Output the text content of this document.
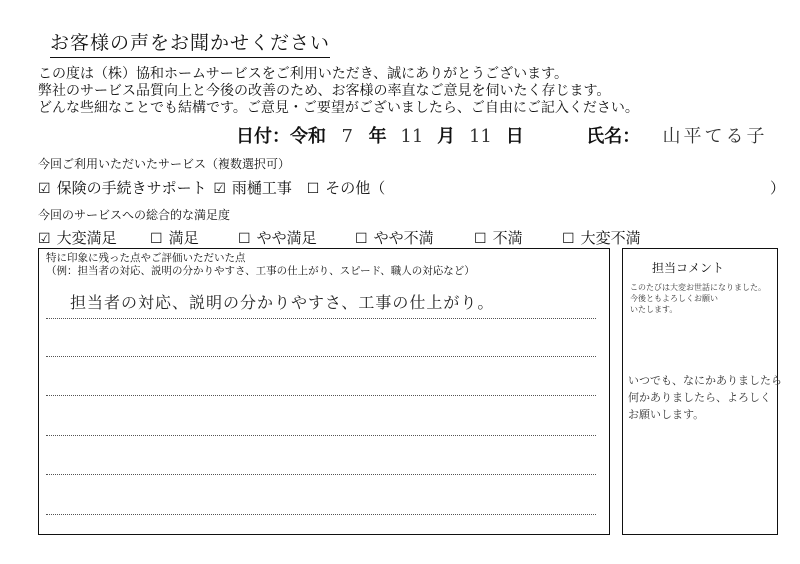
お客様の声をお聞かせください
この度は（株）協和ホームサービスをご利用いただき、誠にありがとうございます。
弊社のサービス品質向上と今後の改善のため、お客様の率直なご意見を伺いたく存じます。
どんな些細なことでも結構です。ご意見・ご要望がございましたら、ご自由にご記入ください。
日付：令和 7 年 11 月 11 日	氏名： 山平てる子
今回ご利用いただいたサービス（複数選択可）
☑ 保険の手続きサポート ☑ 雨樋工事 ☐ その他（	）
今回のサービスへの総合的な満足度
☑ 大変満足 ☐ 満足	☐ やや満足	☐ やや不満	☐ 不満	☐ 大変不満
特に印象に残った点やご評価いただいた点
（例：担当者の対応、説明の分かりやすさ、工事の仕上がり、スピード、職人の対応など）
担当者の対応、説明の分かりやすさ、工事の仕上がり。
担当コメント
このたびは大変お世話になりました。
今後ともよろしくお願い
いたします。
いつでも、なにかありましたら
何かありましたら、よろしく
お願いします。
